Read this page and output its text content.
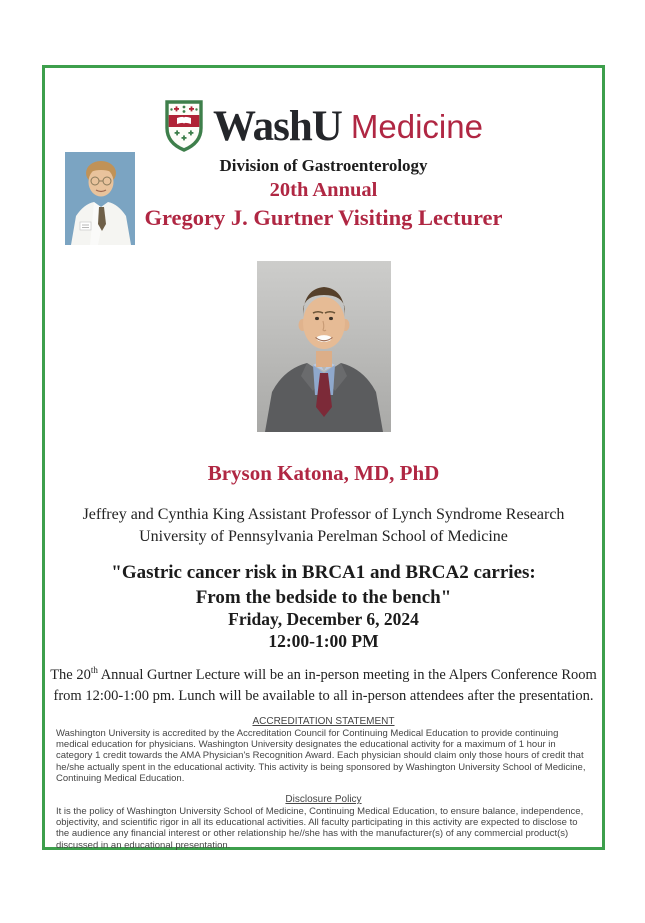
WashU Medicine
Division of Gastroenterology
20th Annual
Gregory J. Gurtner Visiting Lecturer
Bryson Katona, MD, PhD
Jeffrey and Cynthia King Assistant Professor of Lynch Syndrome Research
University of Pennsylvania Perelman School of Medicine
"Gastric cancer risk in BRCA1 and BRCA2 carries:
From the bedside to the bench"
Friday, December 6, 2024
12:00-1:00 PM
The 20th Annual Gurtner Lecture will be an in-person meeting in the Alpers Conference Room
from 12:00-1:00 pm. Lunch will be available to all in-person attendees after the presentation.
ACCREDITATION STATEMENT
Washington University is accredited by the Accreditation Council for Continuing Medical Education to provide continuing medical education for physicians. Washington University designates the educational activity for a maximum of 1 hour in category 1 credit towards the AMA Physician's Recognition Award. Each physician should claim only those hours of credit that he/she actually spent in the educational activity. This activity is being sponsored by Washington University School of Medicine, Continuing Medical Education.
Disclosure Policy
It is the policy of Washington University School of Medicine, Continuing Medical Education, to ensure balance, independence, objectivity, and scientific rigor in all its educational activities. All faculty participating in this activity are expected to disclose to the audience any financial interest or other relationship he//she has with the manufacturer(s) of any commercial product(s) discussed in an educational presentation.
